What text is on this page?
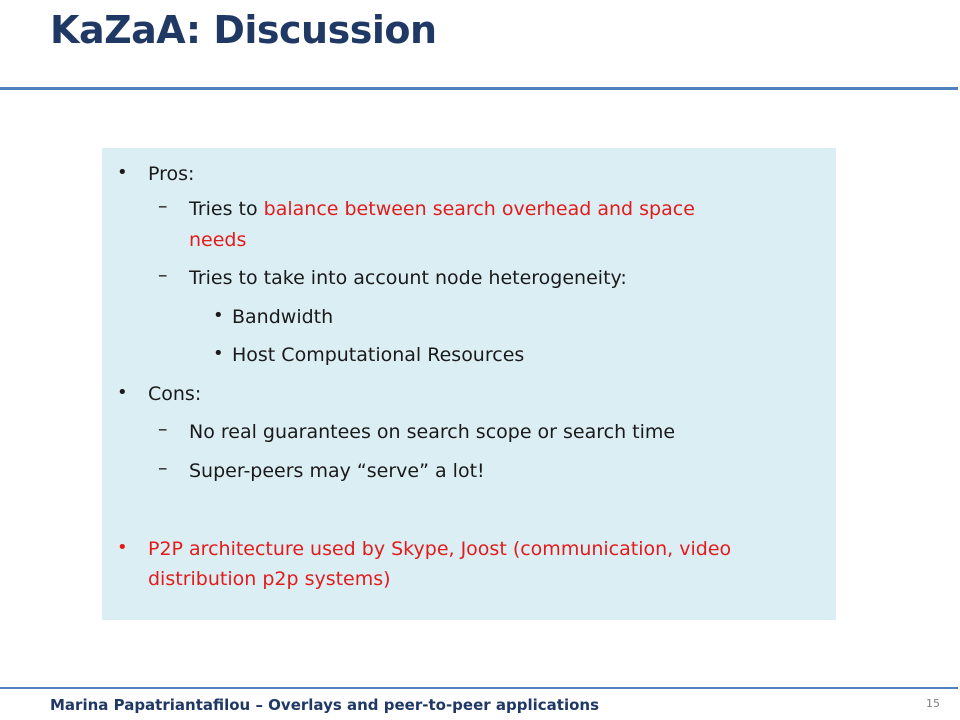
KaZaA: Discussion
• Pros:
– Tries to balance between search overhead and space
needs
– Tries to take into account node heterogeneity:
• Bandwidth
• Host Computational Resources
• Cons:
– No real guarantees on search scope or search time
– Super-peers may “serve” a lot!
• P2P architecture used by Skype, Joost (communication, video
distribution p2p systems)
Marina Papatriantafilou – Overlays and peer-to-peer applications	15
